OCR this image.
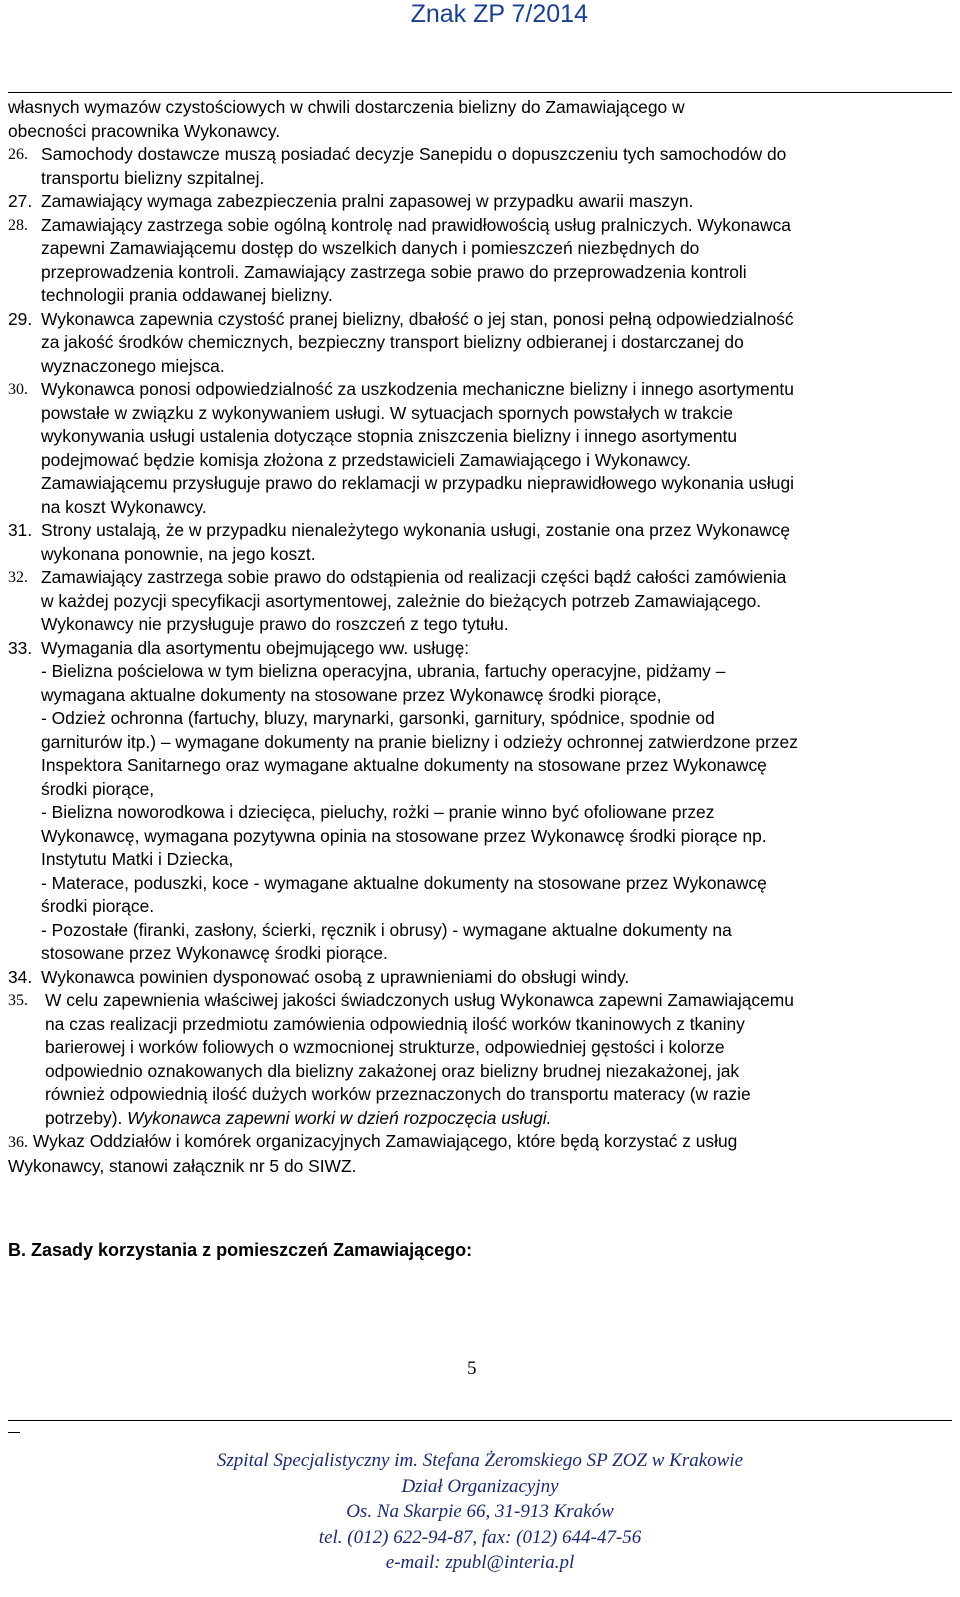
Znak ZP 7/2014
własnych wymazów czystościowych w chwili dostarczenia bielizny do Zamawiającego w
obecności pracownika Wykonawcy.
26. Samochody dostawcze muszą posiadać decyzje Sanepidu o dopuszczeniu tych samochodów do
transportu bielizny szpitalnej.
27. Zamawiający wymaga zabezpieczenia pralni zapasowej w przypadku awarii maszyn.
28. Zamawiający zastrzega sobie ogólną kontrolę nad prawidłowością usług pralniczych. Wykonawca
zapewni Zamawiającemu dostęp do wszelkich danych i pomieszczeń niezbędnych do
przeprowadzenia kontroli. Zamawiający zastrzega sobie prawo do przeprowadzenia kontroli
technologii prania oddawanej bielizny.
29. Wykonawca zapewnia czystość pranej bielizny, dbałość o jej stan, ponosi pełną odpowiedzialność
za jakość środków chemicznych, bezpieczny transport bielizny odbieranej i dostarczanej do
wyznaczonego miejsca.
30. Wykonawca ponosi odpowiedzialność za uszkodzenia mechaniczne bielizny i innego asortymentu
powstałe w związku z wykonywaniem usługi. W sytuacjach spornych powstałych w trakcie
wykonywania usługi ustalenia dotyczące stopnia zniszczenia bielizny i innego asortymentu
podejmować będzie komisja złożona z przedstawicieli Zamawiającego i Wykonawcy.
Zamawiającemu przysługuje prawo do reklamacji w przypadku nieprawidłowego wykonania usługi
na koszt Wykonawcy.
31. Strony ustalają, że w przypadku nienależytego wykonania usługi, zostanie ona przez Wykonawcę
wykonana ponownie, na jego koszt.
32. Zamawiający zastrzega sobie prawo do odstąpienia od realizacji części bądź całości zamówienia
w każdej pozycji specyfikacji asortymentowej, zależnie do bieżących potrzeb Zamawiającego.
Wykonawcy nie przysługuje prawo do roszczeń z tego tytułu.
33. Wymagania dla asortymentu obejmującego ww. usługę:
- Bielizna pościelowa w tym bielizna operacyjna, ubrania, fartuchy operacyjne, pidżamy –
wymagana aktualne dokumenty na stosowane przez Wykonawcę środki piorące,
- Odzież ochronna (fartuchy, bluzy, marynarki, garsonki, garnitury, spódnice, spodnie od
garniturów itp.) – wymagane dokumenty na pranie bielizny i odzieży ochronnej zatwierdzone przez
Inspektora Sanitarnego oraz wymagane aktualne dokumenty na stosowane przez Wykonawcę
środki piorące,
- Bielizna noworodkowa i dziecięca, pieluchy, rożki – pranie winno być ofoliowane przez
Wykonawcę, wymagana pozytywna opinia na stosowane przez Wykonawcę środki piorące np.
Instytutu Matki i Dziecka,
- Materace, poduszki, koce - wymagane aktualne dokumenty na stosowane przez Wykonawcę
środki piorące.
- Pozostałe (firanki, zasłony, ścierki, ręcznik i obrusy) - wymagane aktualne dokumenty na
stosowane przez Wykonawcę środki piorące.
34. Wykonawca powinien dysponować osobą z uprawnieniami do obsługi windy.
35. W celu zapewnienia właściwej jakości świadczonych usług Wykonawca zapewni Zamawiającemu
na czas realizacji przedmiotu zamówienia odpowiednią ilość worków tkaninowych z tkaniny
barierowej i worków foliowych o wzmocnionej strukturze, odpowiedniej gęstości i kolorze
odpowiednio oznakowanych dla bielizny zakażonej oraz bielizny brudnej niezakażonej, jak
również odpowiednią ilość dużych worków przeznaczonych do transportu materacy (w razie
potrzeby). Wykonawca zapewni worki w dzień rozpoczęcia usługi.
36. Wykaz Oddziałów i komórek organizacyjnych Zamawiającego, które będą korzystać z usług
Wykonawcy, stanowi załącznik nr 5 do SIWZ.
B. Zasady korzystania z pomieszczeń Zamawiającego:
5
Szpital Specjalistyczny im. Stefana Żeromskiego SP ZOZ w Krakowie
Dział Organizacyjny
Os. Na Skarpie 66, 31-913 Kraków
tel. (012) 622-94-87, fax: (012) 644-47-56
e-mail: zpubl@interia.pl
